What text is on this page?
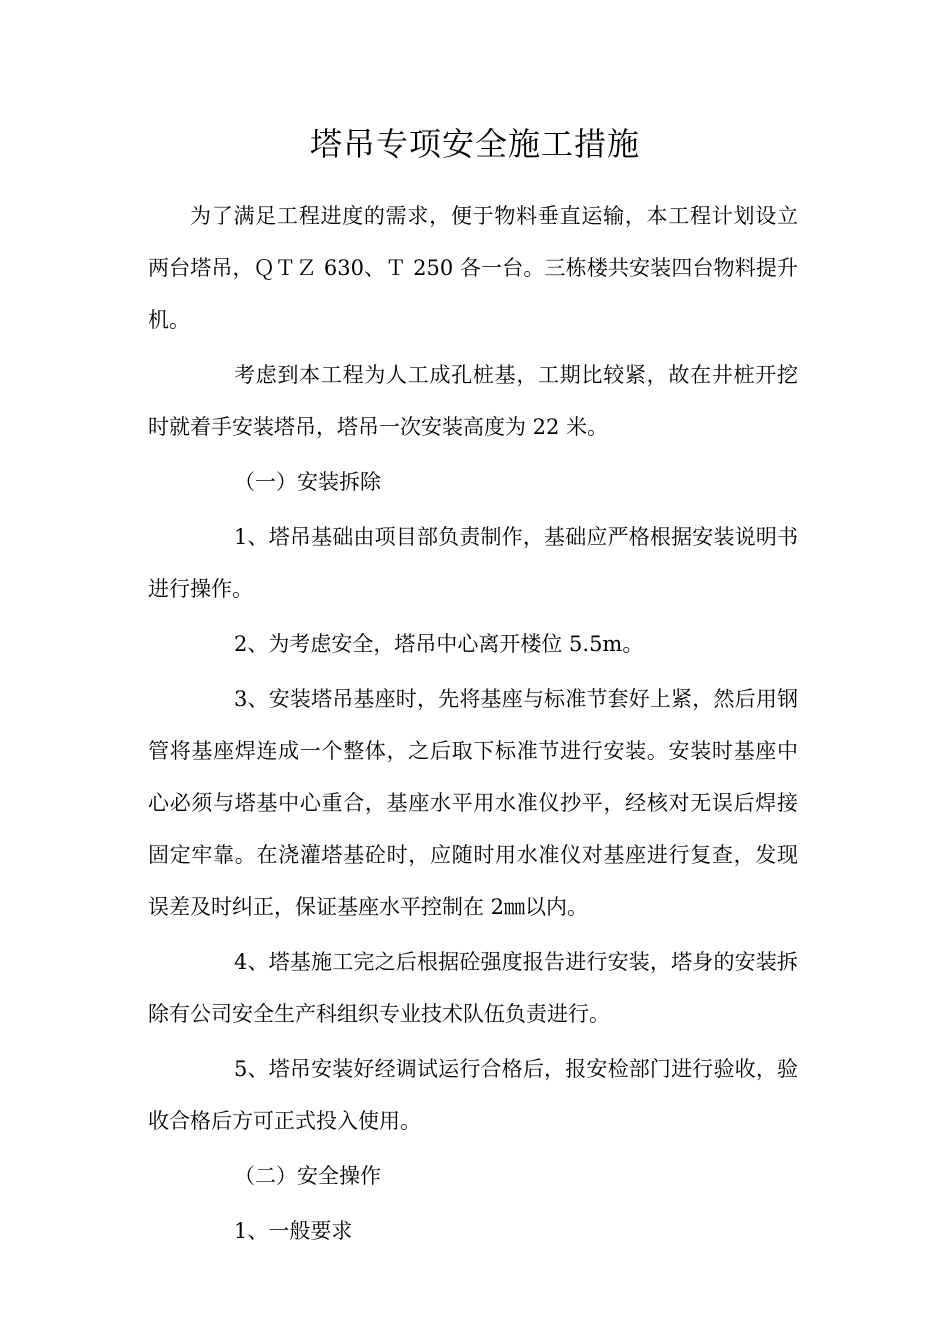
塔吊专项安全施工措施

为了满足工程进度的需求，便于物料垂直运输，本工程计划设立两台塔吊，ＱＴＺ 630、Ｔ 250 各一台。三栋楼共安装四台物料提升机。

考虑到本工程为人工成孔桩基，工期比较紧，故在井桩开挖时就着手安装塔吊，塔吊一次安装高度为 22 米。

（一）安装拆除

1、塔吊基础由项目部负责制作，基础应严格根据安装说明书进行操作。

2、为考虑安全，塔吊中心离开楼位 5.5m。

3、安装塔吊基座时，先将基座与标准节套好上紧，然后用钢管将基座焊连成一个整体，之后取下标准节进行安装。安装时基座中心必须与塔基中心重合，基座水平用水准仪抄平，经核对无误后焊接固定牢靠。在浇灌塔基砼时，应随时用水准仪对基座进行复查，发现误差及时纠正，保证基座水平控制在 2㎜以内。

4、塔基施工完之后根据砼强度报告进行安装，塔身的安装拆除有公司安全生产科组织专业技术队伍负责进行。

5、塔吊安装好经调试运行合格后，报安检部门进行验收，验收合格后方可正式投入使用。

（二）安全操作

1、一般要求
